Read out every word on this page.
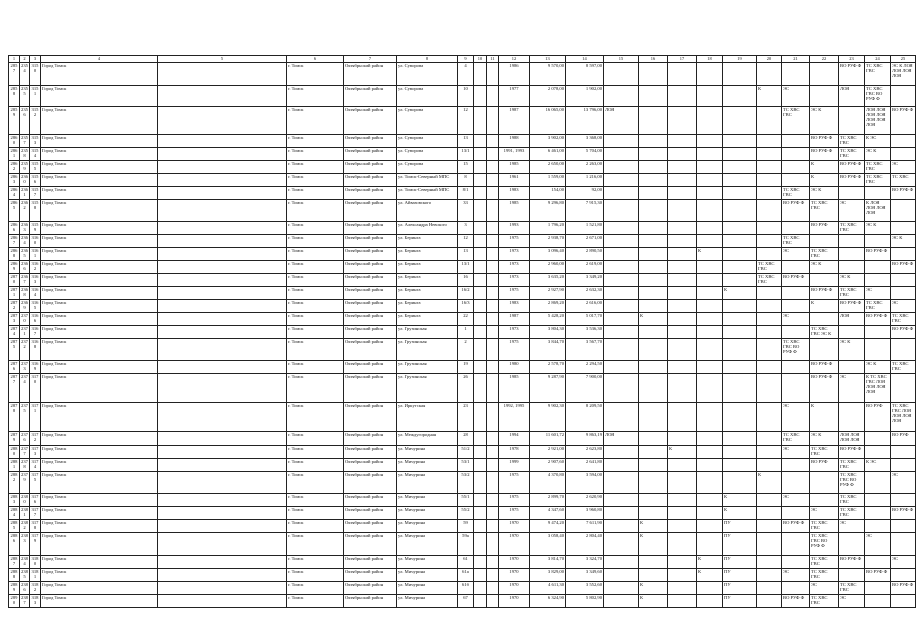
1	2	3	4	5	6	7	8	9	10	11	12	13	14	15	16	17	18	19	20	21	22	23	24	25
2857	2354	3150	Город Томск		г. Томск	Октябрьский район	ул. Суворова	4			1986	9 570,00	8 597,00									ВО РУФ Ф	ТС ХВС ГВС	ЭС К ЛОЯ ЛОЯ ЛОЯ ЛОЯ
2858	2355	3151	Город Томск		г. Томск	Октябрьский район	ул. Суворова	10			1977	2 078,00	1 902,00						К	ЭС		ЛОЯ	ТС ХВС ГВС ВО РУФ Ф	
2859	2356	3152	Город Томск		г. Томск	Октябрьский район	ул. Суворова	12			1987	16 065,00	13 796,00	ЛОЯ						ТС ХВС ГВС	ЭС К		ЛОЯ ЛОЯ ЛОЯ ЛОЯ ЛОЯ ЛОЯ ЛОЯ	ВО РУФ Ф
2860	2357	3153	Город Томск		г. Томск	Октябрьский район	ул. Суворова	13			1988	3 902,00	3 368,00								ВО РУФ Ф	ТС ХВС ГВС	К ЭС	
2861	2358	3154	Город Томск		г. Томск	Октябрьский район	ул. Суворова	13/1			1991, 1993	6 461,00	5 704,00								ВО РУФ Ф	ТС ХВС ГВС	ЭС К	
2862	2359	3155	Город Томск		г. Томск	Октябрьский район	ул. Суворова	15			1985	2 650,00	2 263,00								К	ВО РУФ Ф	ТС ХВС ГВС	ЭС
2863	2360	3156	Город Томск		г. Томск	Октябрьский район	ул. Томск-Северный МПС	8			1961	1 559,00	1 216,00								К	ВО РУФ Ф	ТС ХВС ГВС	ТС ХВС
2864	2361	3157	Город Томск		г. Томск	Октябрьский район	ул. Томск-Северный МПС	8/1			1983	154,00	92,00							ТС ХВС ГВС	ЭС К			ВО РУФ Ф
2865	2362	3158	Город Томск		г. Томск	Октябрьский район	ул. Айвазовского	33			1985	9 296,80	7 915,30							ВО РУФ Ф	ТС ХВС ГВС	ЭС	К ЛОЯ ЛОЯ ЛОЯ ЛОЯ	
2866	2363	3159	Город Томск		г. Томск	Октябрьский район	ул. Александра Невского	3			1993	1 796,20	1 521,80								ВО РУФ	ТС ХВС ГВС	ЭС К	
2867	2364	3160	Город Томск		г. Томск	Октябрьский район	ул. Беринга	12			1975	2 938,70	2 671,00							ТС ХВС ГВС				ЭС К
2868	2365	3161	Город Томск		г. Томск	Октябрьский район	ул. Беринга	13			1973	3 096,40	2 890,50				К			ЭС	ТС ХВС ГВС		ВО РУФ Ф	
2869	2366	3162	Город Томск		г. Томск	Октябрьский район	ул. Беринга	13/1			1973	2 960,00	2 619,00						ТС ХВС ГВС		ЭС К			ВО РУФ Ф
2870	2367	3163	Город Томск		г. Томск	Октябрьский район	ул. Беринга	16			1973	3 635,20	3 349,20						ТС ХВС ГВС	ВО РУФ Ф		ЭС К		
2871	2368	3164	Город Томск		г. Томск	Октябрьский район	ул. Беринга	16/2			1975	2 927,90	2 632,30					К			ВО РУФ Ф	ТС ХВС ГВС	ЭС	
2872	2369	3165	Город Томск		г. Томск	Октябрьский район	ул. Беринга	16/3			1983	2 869,20	2 616,00								К	ВО РУФ Ф	ТС ХВС ГВС	ЭС
2873	2370	3166	Город Томск		г. Томск	Октябрьский район	ул. Беринга	22			1987	5 428,20	5 017,70		К					ЭС		ЛОЯ	ВО РУФ Ф	ТС ХВС ГВС
2874	2371	3167	Город Томск		г. Томск	Октябрьский район	ул. Грузинская	1			1973	3 804,30	3 536,30								ТС ХВС ГВС ЭС К			ВО РУФ Ф
2875	2372	3168	Город Томск		г. Томск	Октябрьский район	ул. Грузинская	2			1975	3 844,70	3 567,70							ТС ХВС ГВС ВО РУФ Ф		ЭС К		
2876	2373	3169	Город Томск		г. Томск	Октябрьский район	ул. Грузинская	19			1980	2 578,70	2 294,50								ВО РУФ Ф		ЭС К	ТС ХВС ГВС
2877	2374	3170	Город Томск		г. Томск	Октябрьский район	ул. Грузинская	26			1985	9 287,90	7 900,00								ВО РУФ Ф	ЭС	К ТС ХВС ГВС ЛОЯ ЛОЯ ЛОЯ ЛОЯ	
2878	2375	3171	Город Томск		г. Томск	Октябрьский район	ул. Иркутская	23			1992, 1995	9 902,30	8 209,50							ЭС	К		ВО РУФ	ТС ХВС ГВС ЛОЯ ЛОЯ ЛОЯ ЛОЯ
2879	2376	3172	Город Томск		г. Томск	Октябрьский район	ул. Междугородная	28			1994	11 601,72	9 863,19	ЛОЯ						ТС ХВС ГВС	ЭС К	ЛОЯ ЛОЯ ЛОЯ ЛОЯ		ВО РУФ
2880	2377	3173	Город Томск		г. Томск	Октябрьский район	ул. Мичурина	51/2			1978	2 921,00	2 623,80			К				ЭС	ТС ХВС ГВС	ВО РУФ Ф		
2881	2378	3174	Город Томск		г. Томск	Октябрьский район	ул. Мичурина	53/1			1999	2 907,60	2 641,80								ВО РУФ	ТС ХВС ГВС	К ЭС	
2882	2379	3175	Город Томск		г. Томск	Октябрьский район	ул. Мичурина	53/2			1975	4 370,80	3 594,00						К			ТС ХВС ГВС ВО РУФ Ф		ЭС
2883	2380	3176	Город Томск		г. Томск	Октябрьский район	ул. Мичурина	55/1			1975	2 899,70	2 620,90					К		ЭС		ТС ХВС ГВС		
2884	2381	3177	Город Томск		г. Томск	Октябрьский район	ул. Мичурина	55/2			1975	4 347,60	3 960,80					К			ЭС	ТС ХВС ГВС		ВО РУФ Ф
2885	2382	3178	Город Томск		г. Томск	Октябрьский район	ул. Мичурина	59			1970	9 474,20	7 611,90		К			ПУ		ВО РУФ Ф	ТС ХВС ГВС	ЭС		
2886	2383	3179	Город Томск		г. Томск	Октябрьский район	ул. Мичурина	59а			1970	3 058,40	2 804,40		К			ПУ			ТС ХВС ГВС ВО РУФ Ф		ЭС	
2887	2384	3180	Город Томск		г. Томск	Октябрьский район	ул. Мичурина	61			1970	3 814,70	3 324,70				К	ПУ			ТС ХВС ГВС	ВО РУФ Ф		ЭС
2888	2385	3181	Город Томск		г. Томск	Октябрьский район	ул. Мичурина	61а			1970	3 829,00	3 349,60				К	ПУ		ЭС	ТС ХВС ГВС		ВО РУФ Ф	
2889	2386	3182	Город Томск		г. Томск	Октябрьский район	ул. Мичурина	61б			1970	4 611,30	3 552,60		К			ПУ			ЭС	ТС ХВС ГВС		ВО РУФ Ф
2890	2387	3183	Город Томск		г. Томск	Октябрьский район	ул. Мичурина	67			1970	6 324,90	5 802,90		К			ПУ		ВО РУФ Ф	ТС ХВС ГВС	ЭС		
